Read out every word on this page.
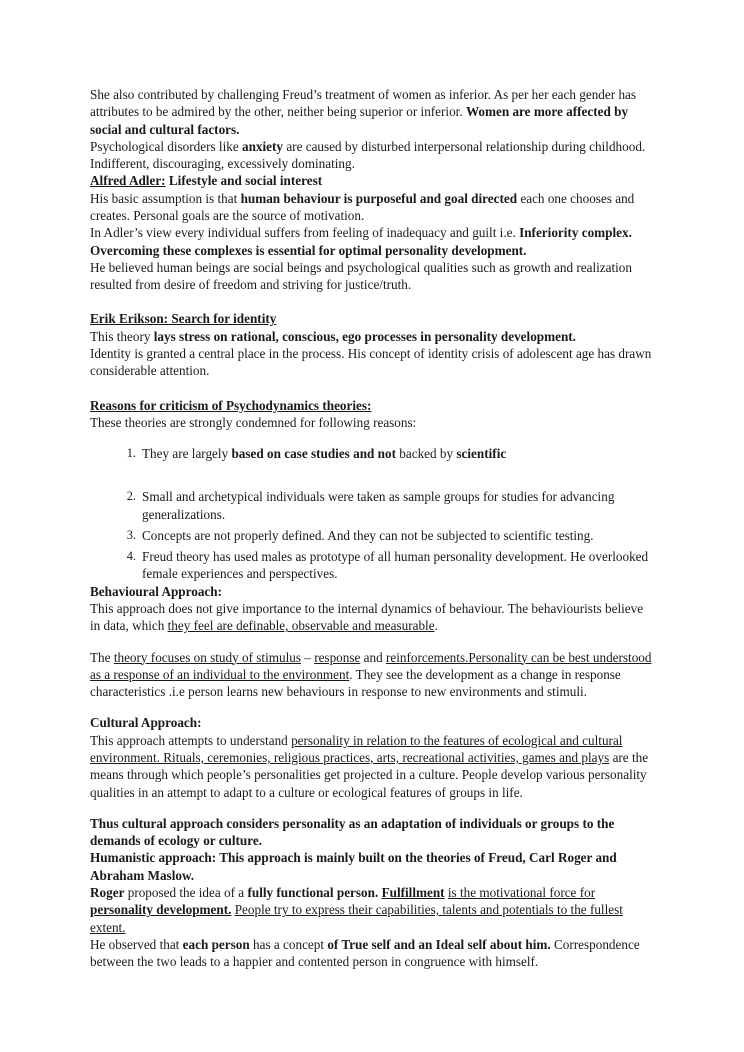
She also contributed by challenging Freud’s treatment of women as inferior. As per her each gender has attributes to be admired by the other, neither being superior or inferior. Women are more affected by social and cultural factors.

Psychological disorders like anxiety are caused by disturbed interpersonal relationship during childhood. Indifferent, discouraging, excessively dominating.

Alfred Adler: Lifestyle and social interest

His basic assumption is that human behaviour is purposeful and goal directed each one chooses and creates. Personal goals are the source of motivation.

In Adler’s view every individual suffers from feeling of inadequacy and guilt i.e. Inferiority complex.

Overcoming these complexes is essential for optimal personality development.

He believed human beings are social beings and psychological qualities such as growth and realization resulted from desire of freedom and striving for justice/truth.

Erik Erikson: Search for identity

This theory lays stress on rational, conscious, ego processes in personality development.

Identity is granted a central place in the process. His concept of identity crisis of adolescent age has drawn considerable attention.

Reasons for criticism of Psychodynamics theories:

These theories are strongly condemned for following reasons:

They are largely based on case studies and not backed by scientific
Small and archetypical individuals were taken as sample groups for studies for advancing generalizations.
Concepts are not properly defined. And they can not be subjected to scientific testing.
Freud theory has used males as prototype of all human personality development. He overlooked female experiences and perspectives.

Behavioural Approach:

This approach does not give importance to the internal dynamics of behaviour. The behaviourists believe in data, which they feel are definable, observable and measurable.

The theory focuses on study of stimulus – response and reinforcements.Personality can be best understood as a response of an individual to the environment. They see the development as a change in response characteristics .i.e person learns new behaviours in response to new environments and stimuli.

Cultural Approach:

This approach attempts to understand personality in relation to the features of ecological and cultural environment. Rituals, ceremonies, religious practices, arts, recreational activities, games and plays are the means through which people’s personalities get projected in a culture. People develop various personality qualities in an attempt to adapt to a culture or ecological features of groups in life.

Thus cultural approach considers personality as an adaptation of individuals or groups to the demands of ecology or culture.

Humanistic approach: This approach is mainly built on the theories of Freud, Carl Roger and Abraham Maslow.

Roger proposed the idea of a fully functional person. Fulfillment is the motivational force for personality development. People try to express their capabilities, talents and potentials to the fullest extent.

He observed that each person has a concept of True self and an Ideal self about him. Correspondence between the two leads to a happier and contented person in congruence with himself.
